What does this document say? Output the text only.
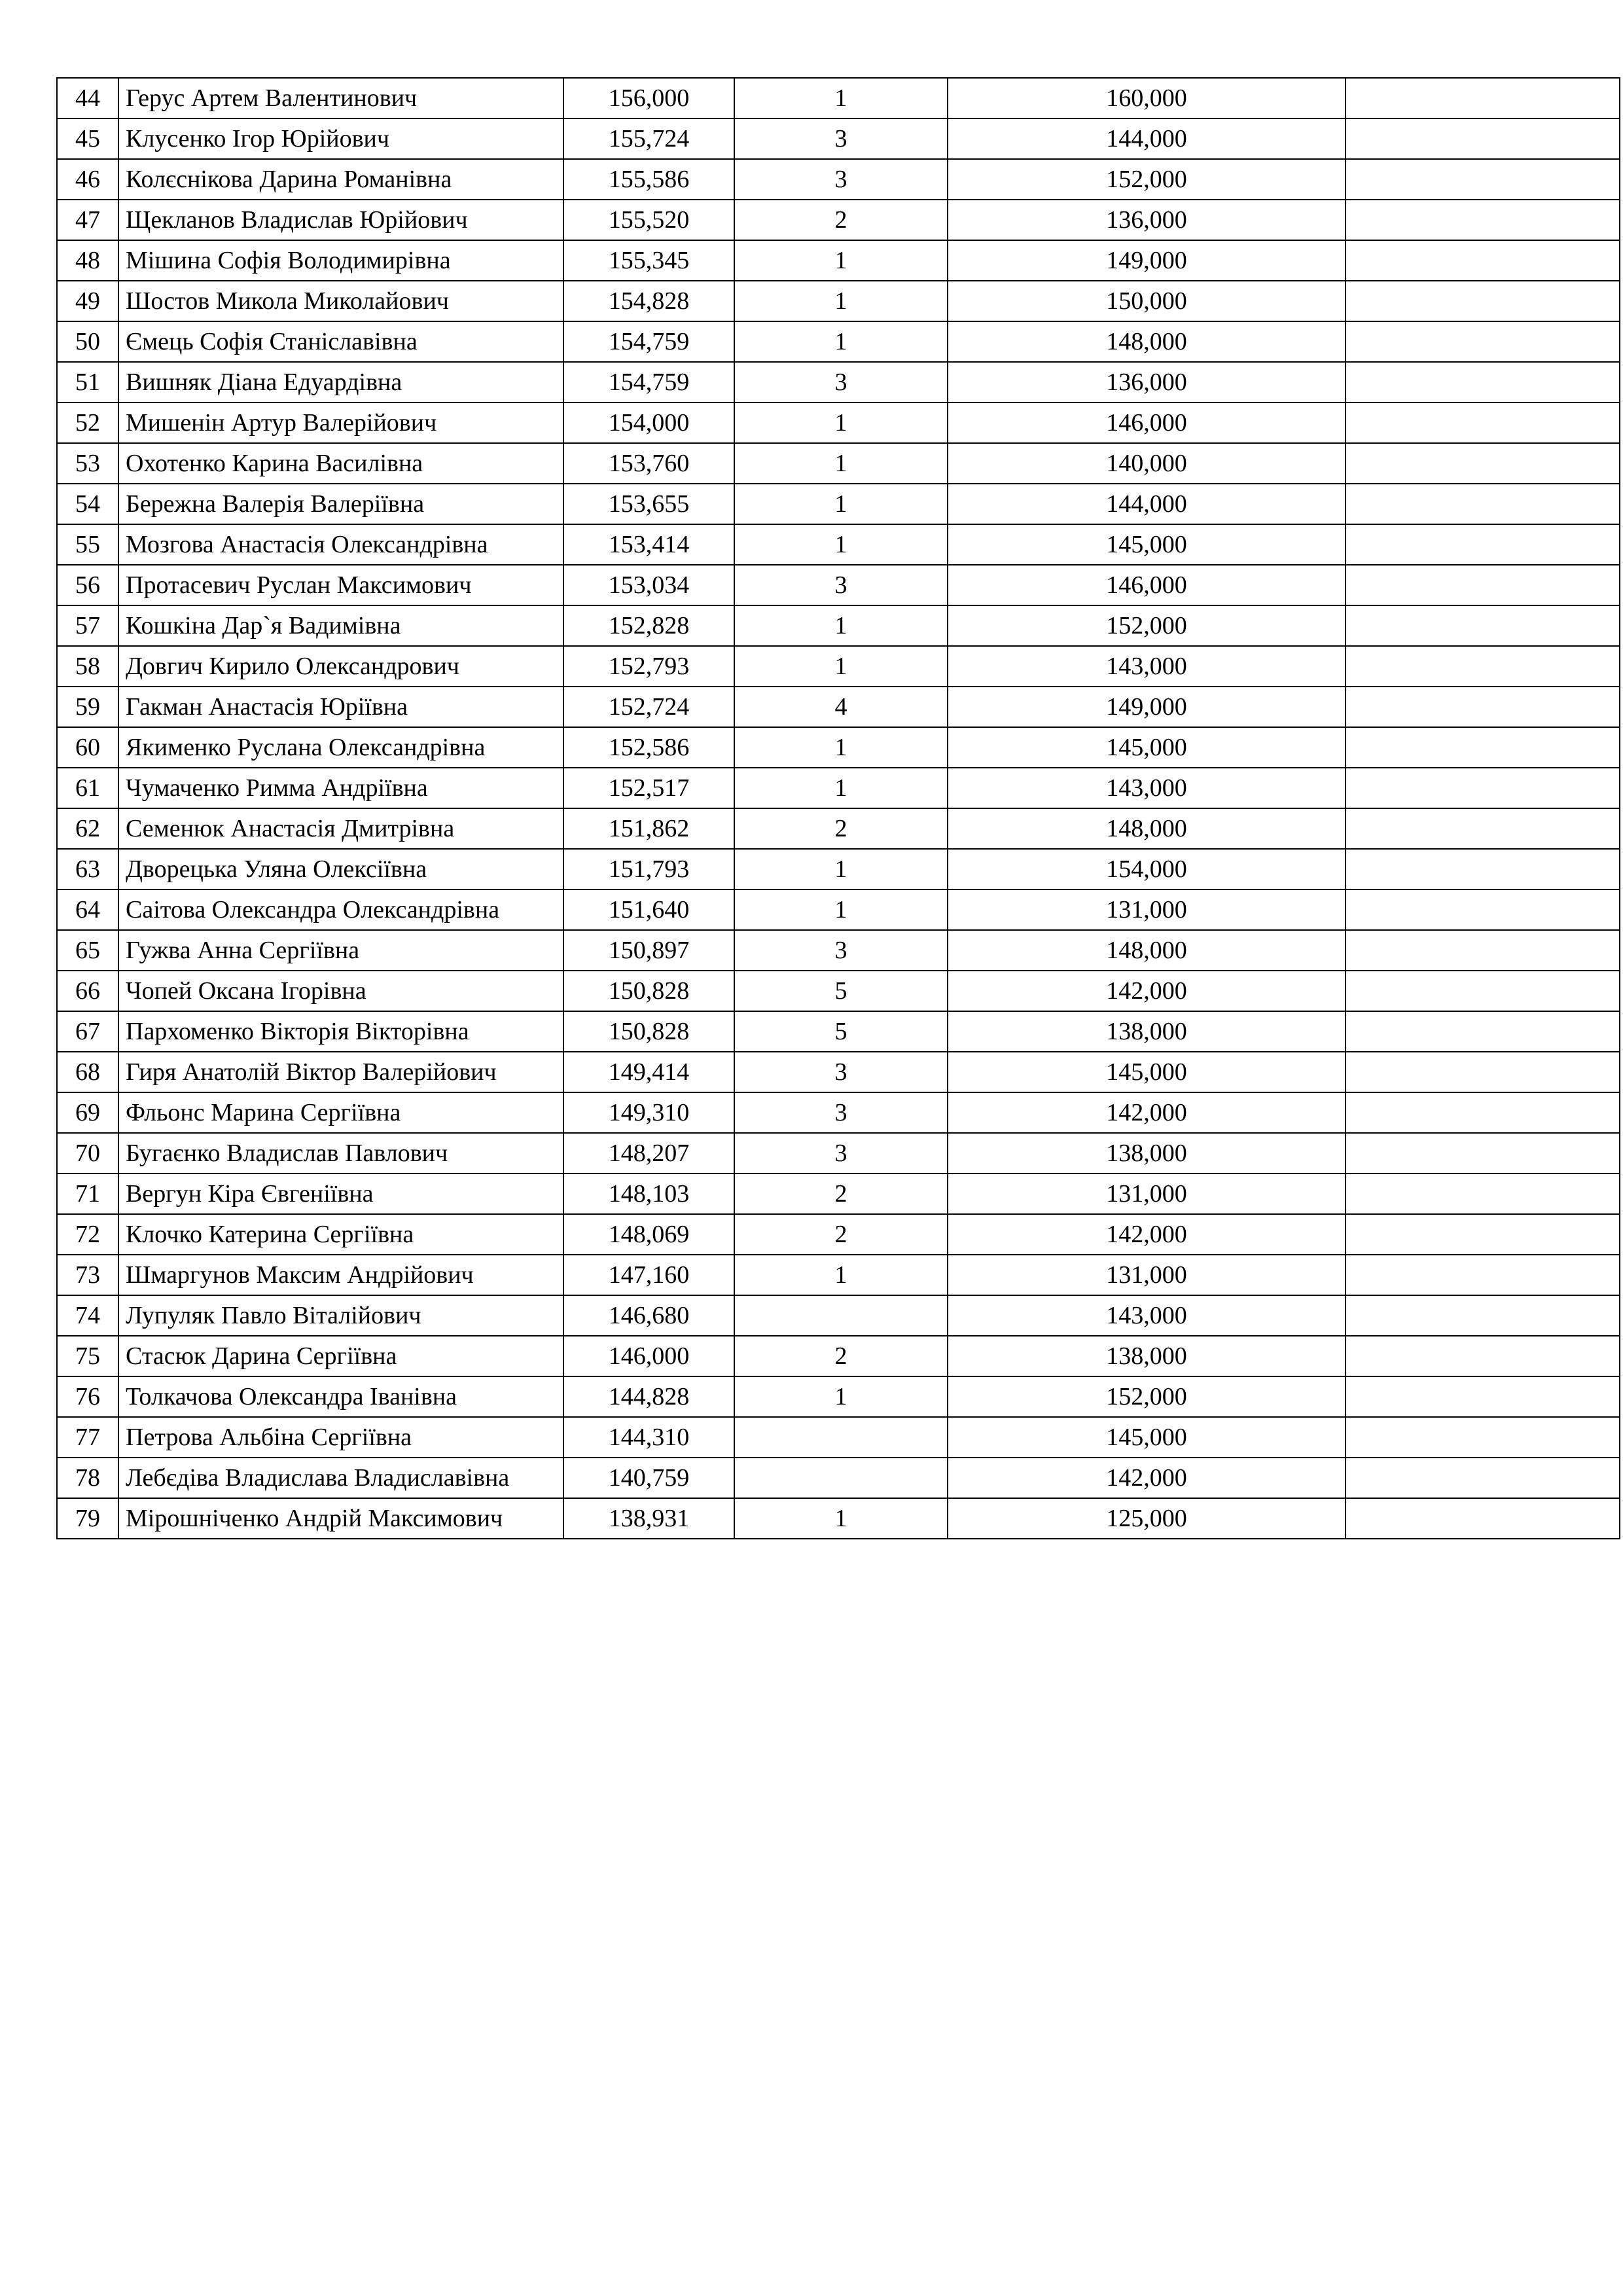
44	Герус Артем Валентинович	156,000	1	160,000	
45	Клусенко Ігор Юрійович	155,724	3	144,000	
46	Колєснікова Дарина Романівна	155,586	3	152,000	
47	Щекланов Владислав Юрійович	155,520	2	136,000	
48	Мішина Софія Володимирівна	155,345	1	149,000	
49	Шостов Микола Миколайович	154,828	1	150,000	
50	Ємець Софія Станіславівна	154,759	1	148,000	
51	Вишняк Діана Едуардівна	154,759	3	136,000	
52	Мишенін Артур Валерійович	154,000	1	146,000	
53	Охотенко Карина Василівна	153,760	1	140,000	
54	Бережна Валерія Валеріївна	153,655	1	144,000	
55	Мозгова Анастасія Олександрівна	153,414	1	145,000	
56	Протасевич Руслан Максимович	153,034	3	146,000	
57	Кошкіна Дар`я Вадимівна	152,828	1	152,000	
58	Довгич Кирило Олександрович	152,793	1	143,000	
59	Гакман Анастасія Юріївна	152,724	4	149,000	
60	Якименко Руслана Олександрівна	152,586	1	145,000	
61	Чумаченко Римма Андріївна	152,517	1	143,000	
62	Семенюк Анастасія Дмитрівна	151,862	2	148,000	
63	Дворецька Уляна Олексіївна	151,793	1	154,000	
64	Саітова Олександра Олександрівна	151,640	1	131,000	
65	Гужва Анна Сергіївна	150,897	3	148,000	
66	Чопей Оксана Ігорівна	150,828	5	142,000	
67	Пархоменко Вікторія Вікторівна	150,828	5	138,000	
68	Гиря Анатолій Віктор Валерійович	149,414	3	145,000	
69	Фльонс Марина Сергіївна	149,310	3	142,000	
70	Бугаєнко Владислав Павлович	148,207	3	138,000	
71	Вергун Кіра Євгеніївна	148,103	2	131,000	
72	Клочко Катерина Сергіївна	148,069	2	142,000	
73	Шмаргунов Максим Андрійович	147,160	1	131,000	
74	Лупуляк Павло Віталійович	146,680		143,000	
75	Стасюк Дарина Сергіївна	146,000	2	138,000	
76	Толкачова Олександра Іванівна	144,828	1	152,000	
77	Петрова Альбіна Сергіївна	144,310		145,000	
78	Лебєдіва Владислава Владиславівна	140,759		142,000	
79	Мірошніченко Андрій Максимович	138,931	1	125,000	
